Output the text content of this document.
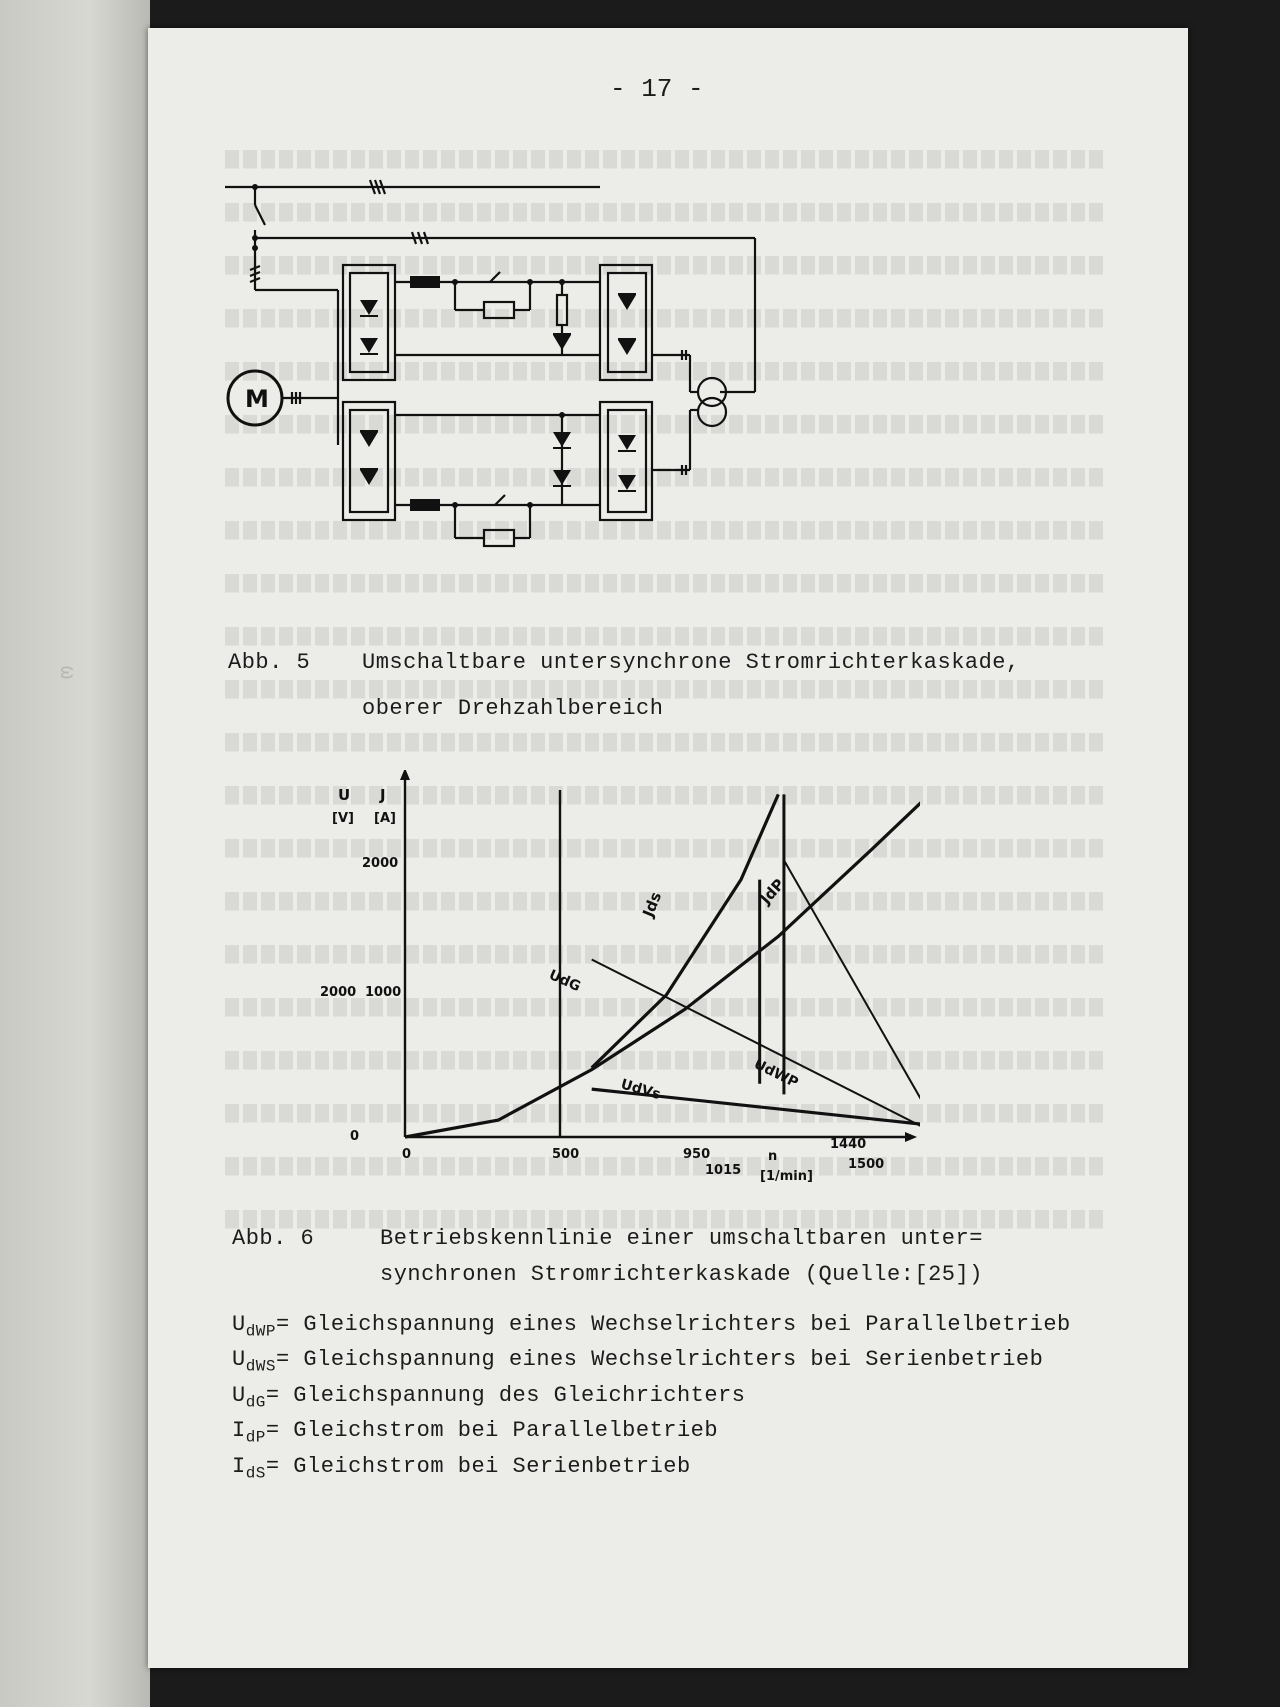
ω
- 17 -
M
Abb. 5 Umschaltbare untersynchrone Stromrichterkaskade,
oberer Drehzahlbereich
U
[V]
J
[A]
2000
2000 1000
0
0	500	950
1015
1440
1500
n
[1/min]
Jds	JdP
UdG
UdWP
UdVs
Abb. 6	Betriebskennlinie einer umschaltbaren unter=
synchronen Stromrichterkaskade (Quelle:[25])
$U_{dWP}=$ Gleichspannung eines Wechselrichters bei Parallelbetrieb
$U_{dWS}=$ Gleichspannung eines Wechselrichters bei Serienbetrieb
$U_{dG}=$ Gleichspannung des Gleichrichters
$I_{dP}=$ Gleichstrom bei Parallelbetrieb
$I_{dS}=$ Gleichstrom bei Serienbetrieb
